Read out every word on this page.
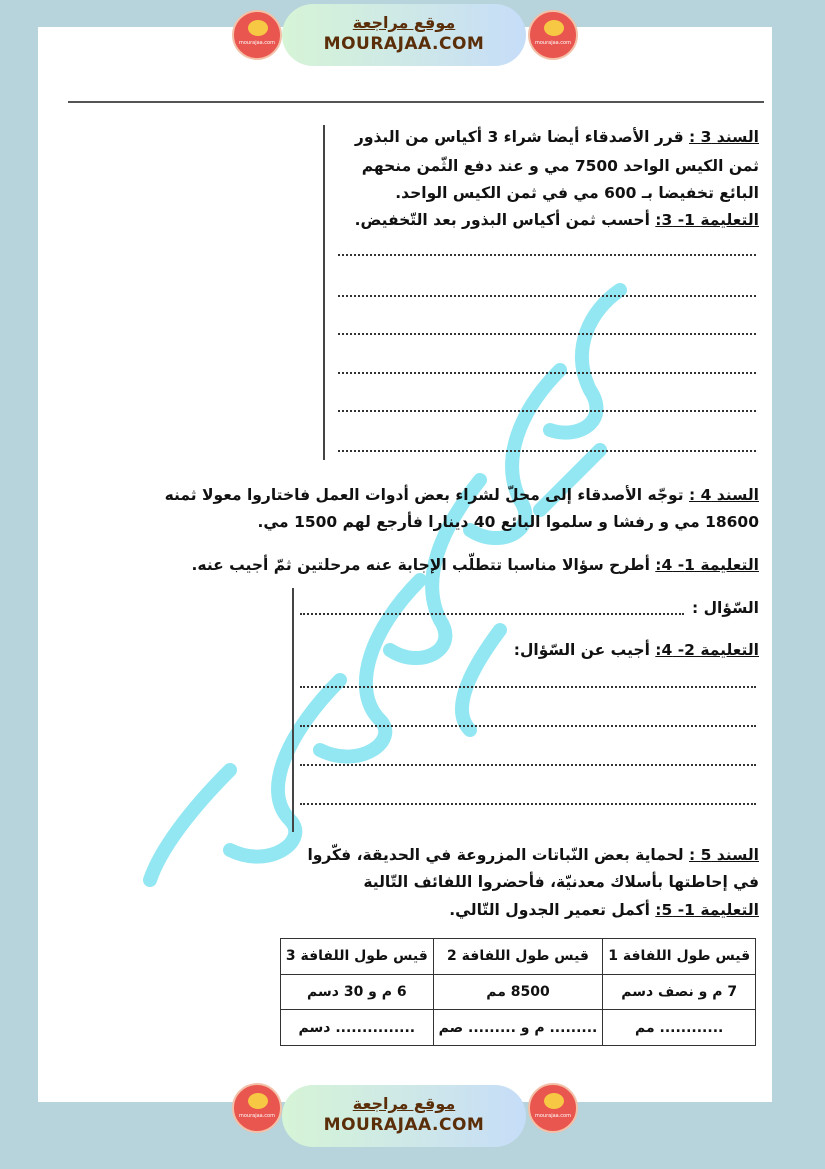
mourajaa.com
موقع مراجعة
MOURAJAA.COM	mourajaa.com
السند 3 : قرر الأصدقاء أيضا شراء 3 أكياس من البذور
ثمن الكيس الواحد 7500 مي و عند دفع الثّمن منحهم
البائع تخفيضا بـ 600 مي في ثمن الكيس الواحد.
التعليمة 1- 3: أحسب ثمن أكياس البذور بعد التّخفيض.
السند 4 : توجّه الأصدقاء إلى محلّ لشراء بعض أدوات العمل فاختاروا معولا ثمنه
18600 مي و رفشا و سلموا البائع 40 دينارا فأرجع لهم 1500 مي.
التعليمة 1- 4: أطرح سؤالا مناسبا تتطلّب الإجابة عنه مرحلتين ثمّ أجيب عنه.
السّؤال :
التعليمة 2- 4: أجيب عن السّؤال:
السند 5 : لحماية بعض النّباتات المزروعة في الحديقة، فكّروا
في إحاطتها بأسلاك معدنيّة، فأحضروا اللفائف التّالية
التعليمة 1- 5: أكمل تعمير الجدول التّالي.
قيس طول اللفافة 1	قيس طول اللفافة 2	قيس طول اللفافة 3
7 م و نصف دسم	8500 مم	6 م و 30 دسم
............ مم	......... م و ......... صم	............... دسم
mourajaa.com
موقع مراجعة
MOURAJAA.COM	mourajaa.com
